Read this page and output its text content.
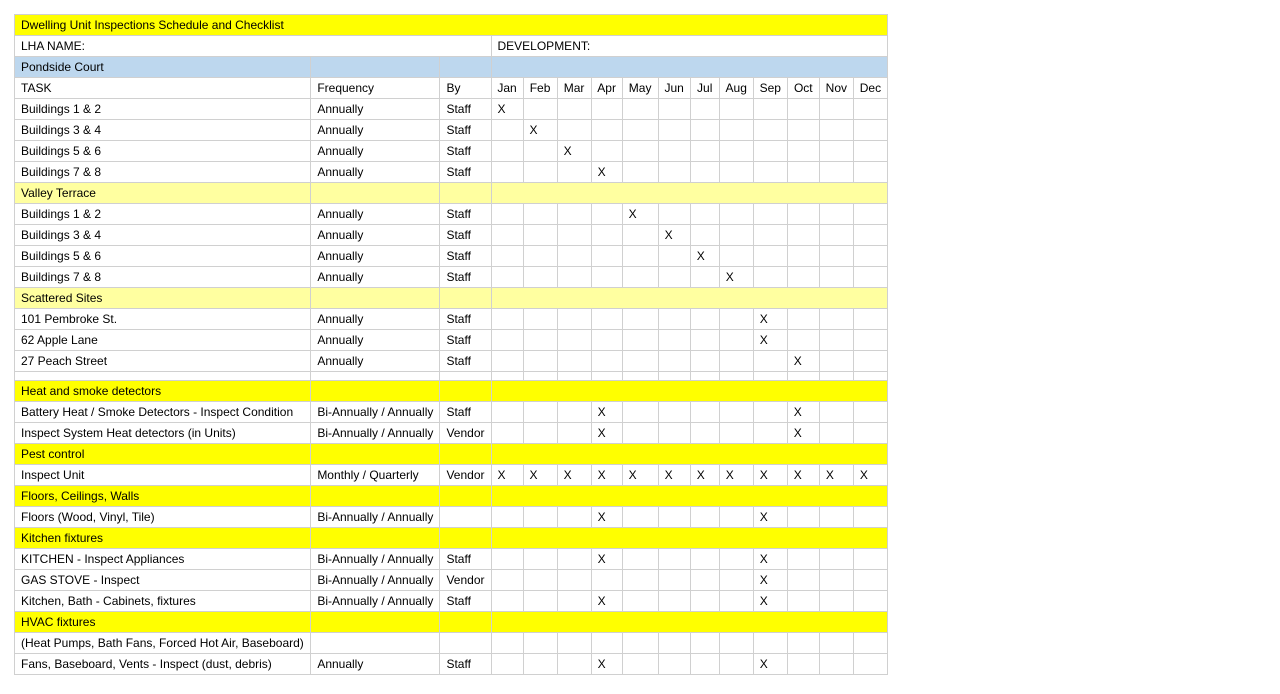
Dwelling Unit Inspections Schedule and Checklist														
LHA NAME:			DEVELOPMENT:											
Pondside Court														
TASK	Frequency	By	Jan	Feb	Mar	Apr	May	Jun	Jul	Aug	Sep	Oct	Nov	Dec
Buildings 1 & 2	Annually	Staff	X											
Buildings 3 & 4	Annually	Staff		X										
Buildings 5 & 6	Annually	Staff			X									
Buildings 7 & 8	Annually	Staff				X								
Valley Terrace														
Buildings 1 & 2	Annually	Staff					X							
Buildings 3 & 4	Annually	Staff						X						
Buildings 5 & 6	Annually	Staff							X					
Buildings 7 & 8	Annually	Staff								X				
Scattered Sites														
101 Pembroke St.	Annually	Staff									X			
62 Apple Lane	Annually	Staff									X			
27 Peach Street	Annually	Staff										X		

Heat and smoke detectors														
Battery Heat / Smoke Detectors - Inspect Condition	Bi-Annually / Annually	Staff				X						X		
Inspect System Heat detectors (in Units)	Bi-Annually / Annually	Vendor				X						X		
Pest control														
Inspect Unit	Monthly / Quarterly	Vendor	X	X	X	X	X	X	X	X	X	X	X	X
Floors, Ceilings, Walls														
Floors (Wood, Vinyl, Tile)	Bi-Annually / Annually					X					X			
Kitchen fixtures														
KITCHEN - Inspect Appliances	Bi-Annually / Annually	Staff				X					X			
GAS STOVE - Inspect	Bi-Annually / Annually	Vendor									X			
Kitchen, Bath - Cabinets, fixtures	Bi-Annually / Annually	Staff				X					X			
HVAC fixtures														
(Heat Pumps, Bath Fans, Forced Hot Air, Baseboard)														
Fans, Baseboard, Vents - Inspect (dust, debris)	Annually	Staff				X					X			
